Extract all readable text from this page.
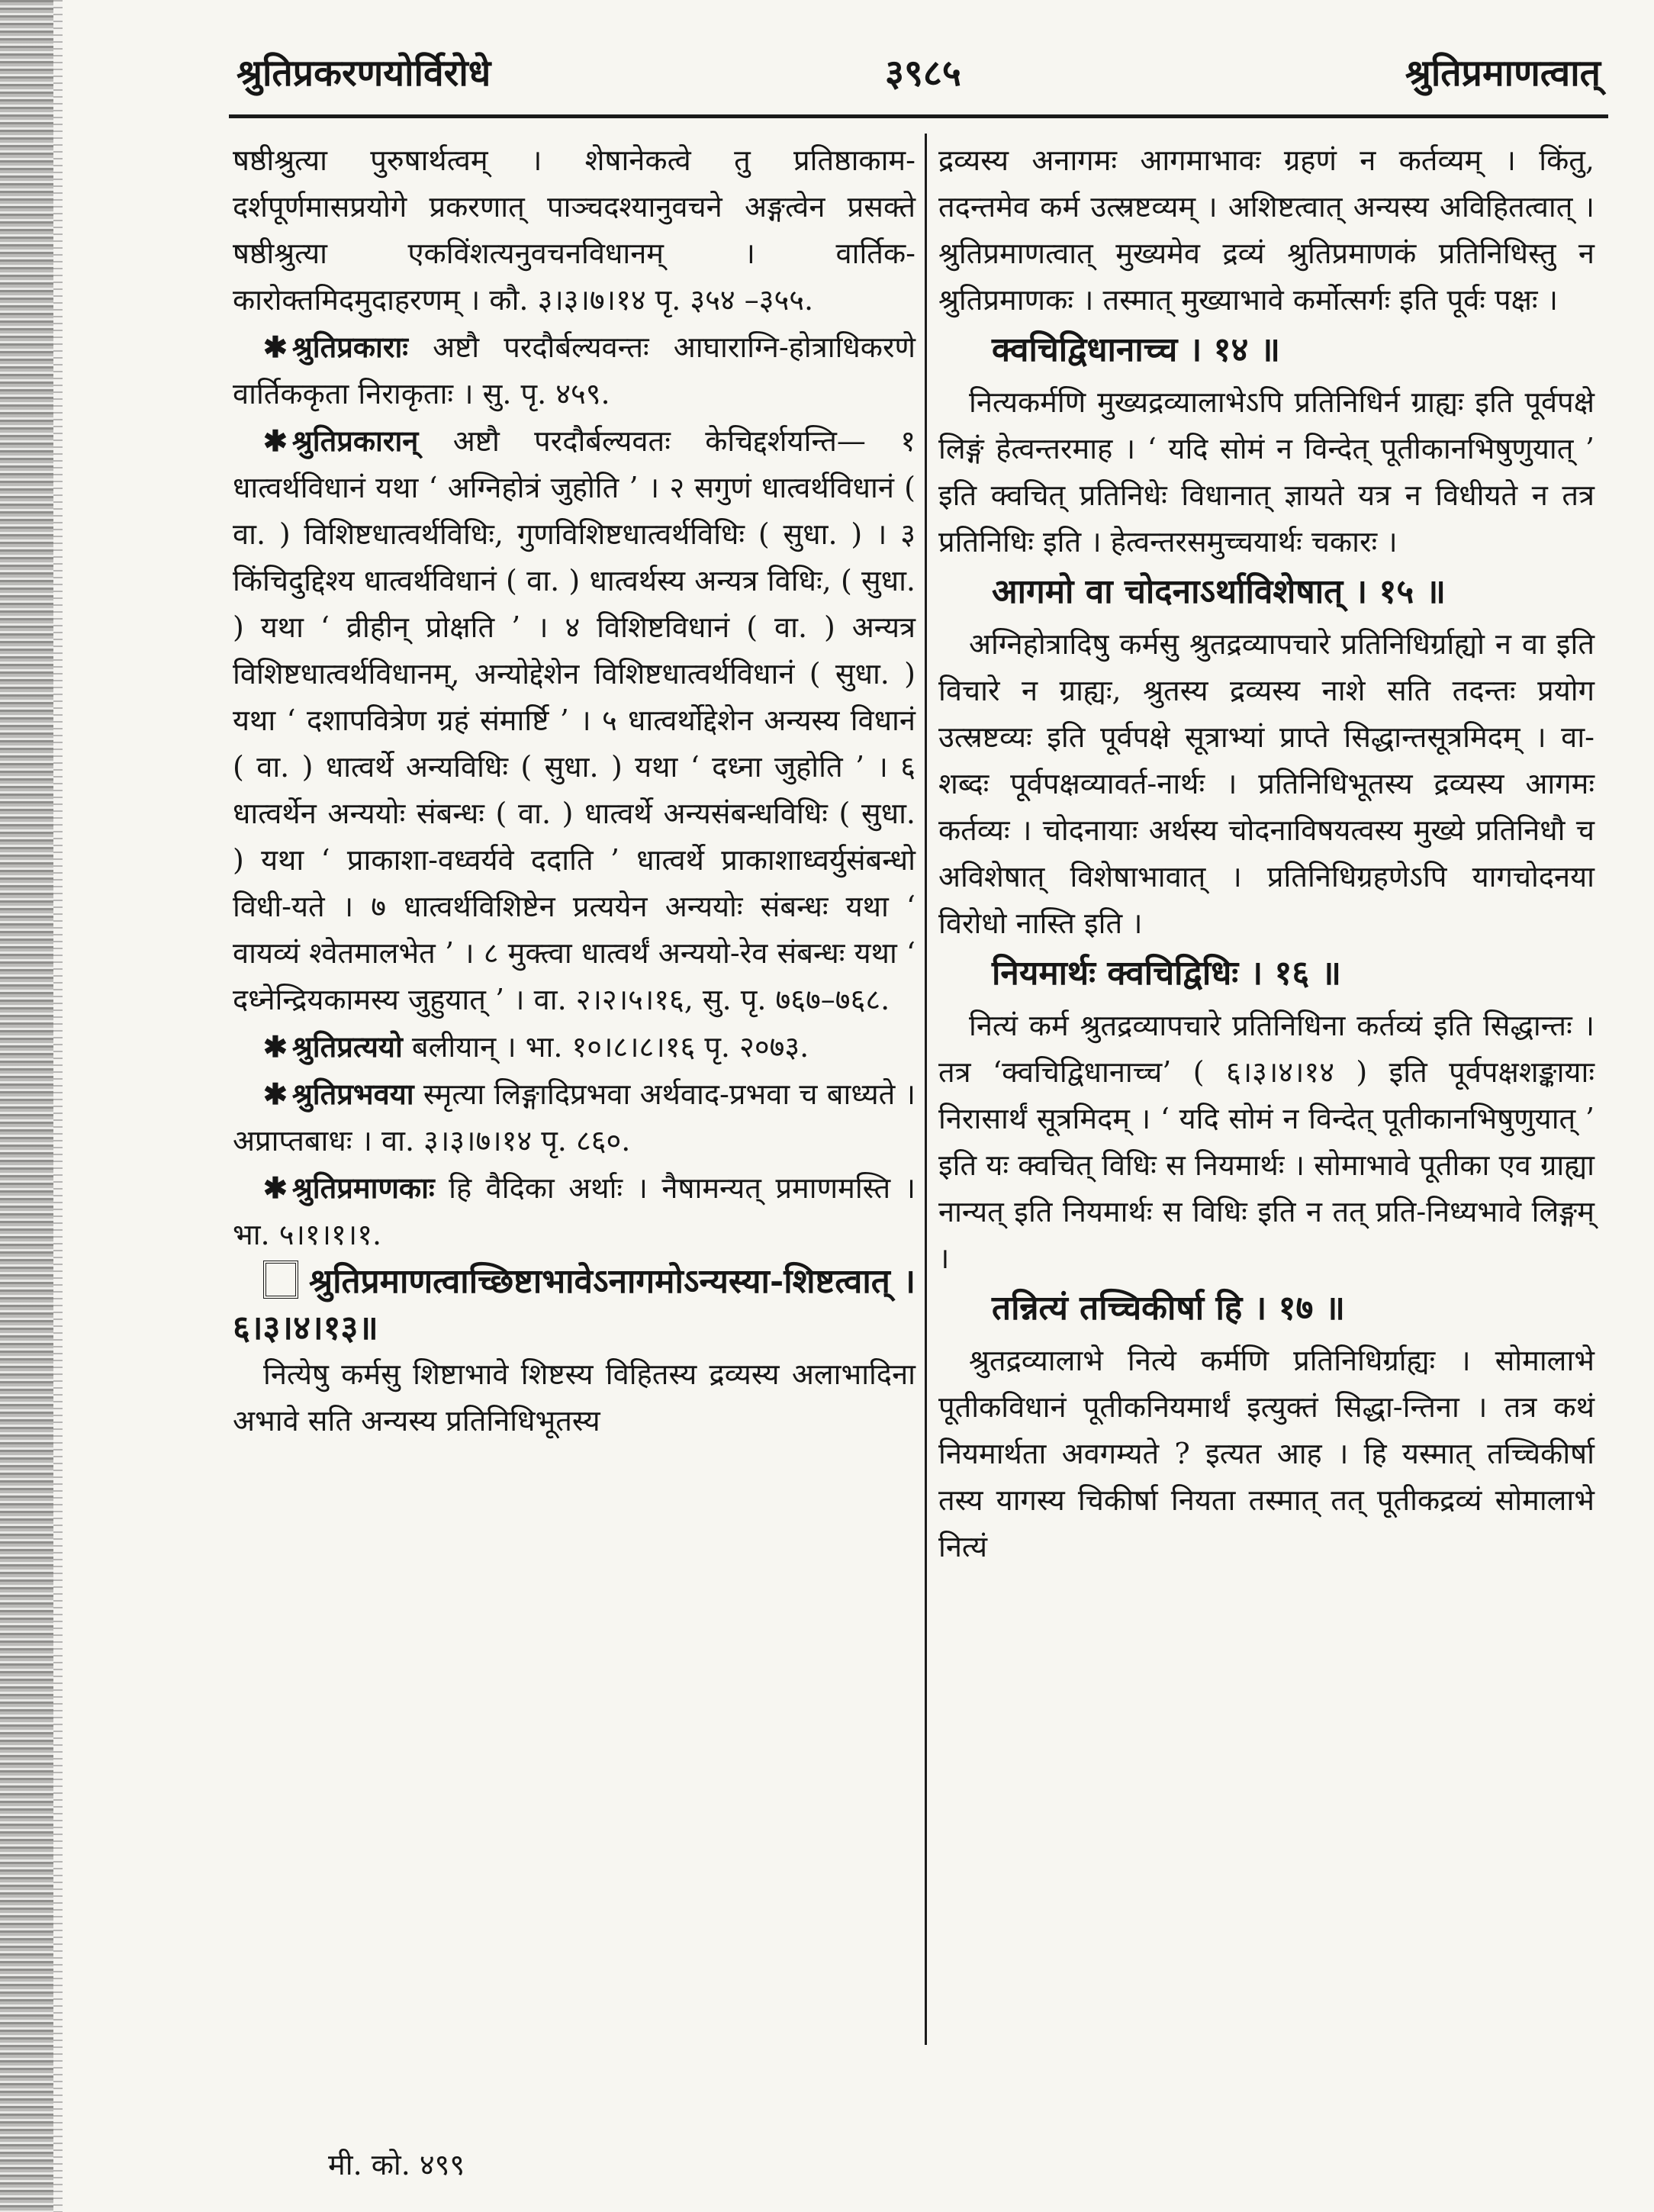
श्रुतिप्रकरणयोर्विरोधे	३९८५	श्रुतिप्रमाणत्वात्

षष्ठीश्रुत्या पुरुषार्थत्वम् । शेषानेकत्वे तु प्रतिष्ठाकाम-दर्शपूर्णमासप्रयोगे प्रकरणात् पाञ्चदश्यानुवचने अङ्गत्वेन प्रसक्ते षष्ठीश्रुत्या एकविंशत्यनुवचनविधानम् । वार्तिक-कारोक्तमिदमुदाहरणम् । कौ. ३।३।७।१४ पृ. ३५४ –३५५.

✱ श्रुतिप्रकाराः अष्टौ परदौर्बल्यवन्तः आघाराग्नि-होत्राधिकरणे वार्तिककृता निराकृताः । सु. पृ. ४५९.

✱ श्रुतिप्रकारान् अष्टौ परदौर्बल्यवतः केचिद्दर्शयन्ति— १ धात्वर्थविधानं यथा ‘ अग्निहोत्रं जुहोति ’ । २ सगुणं धात्वर्थविधानं ( वा. ) विशिष्टधात्वर्थविधिः, गुणविशिष्टधात्वर्थविधिः ( सुधा. ) । ३ किंचिदुद्दिश्य धात्वर्थविधानं ( वा. ) धात्वर्थस्य अन्यत्र विधिः, ( सुधा. ) यथा ‘ व्रीहीन् प्रोक्षति ’ । ४ विशिष्टविधानं ( वा. ) अन्यत्र विशिष्टधात्वर्थविधानम्, अन्योद्देशेन विशिष्टधात्वर्थविधानं ( सुधा. ) यथा ‘ दशापवित्रेण ग्रहं संमार्ष्टि ’ । ५ धात्वर्थोद्देशेन अन्यस्य विधानं ( वा. ) धात्वर्थे अन्यविधिः ( सुधा. ) यथा ‘ दध्ना जुहोति ’ । ६ धात्वर्थेन अन्ययोः संबन्धः ( वा. ) धात्वर्थे अन्यसंबन्धविधिः ( सुधा. ) यथा ‘ प्राकाशा-वध्वर्यवे ददाति ’ धात्वर्थे प्राकाशाध्वर्युसंबन्धो विधी-यते । ७ धात्वर्थविशिष्टेन प्रत्ययेन अन्ययोः संबन्धः यथा ‘ वायव्यं श्वेतमालभेत ’ । ८ मुक्त्वा धात्वर्थं अन्ययो-रेव संबन्धः यथा ‘ दध्नेन्द्रियकामस्य जुहुयात् ’ । वा. २।२।५।१६, सु. पृ. ७६७–७६८.

✱ श्रुतिप्रत्ययो बलीयान् । भा. १०।८।८।१६ पृ. २०७३.

✱ श्रुतिप्रभवया स्मृत्या लिङ्गादिप्रभवा अर्थवाद-प्रभवा च बाध्यते । अप्राप्तबाधः । वा. ३।३।७।१४ पृ. ८६०.

✱ श्रुतिप्रमाणकाः हि वैदिका अर्थाः । नैषामन्यत् प्रमाणमस्ति । भा. ५।१।१।१.

श्रुतिप्रमाणत्वाच्छिष्टाभावेऽनागमोऽन्यस्या-शिष्टत्वात् । ६।३।४।१३॥

नित्येषु कर्मसु शिष्टाभावे शिष्टस्य विहितस्य द्रव्यस्य अलाभादिना अभावे सति अन्यस्य प्रतिनिधिभूतस्य

द्रव्यस्य अनागमः आगमाभावः ग्रहणं न कर्तव्यम् । किंतु, तदन्तमेव कर्म उत्स्रष्टव्यम् । अशिष्टत्वात् अन्यस्य अविहितत्वात् । श्रुतिप्रमाणत्वात् मुख्यमेव द्रव्यं श्रुतिप्रमाणकं प्रतिनिधिस्तु न श्रुतिप्रमाणकः । तस्मात् मुख्याभावे कर्मोत्सर्गः इति पूर्वः पक्षः ।

क्वचिद्विधानाच्च । १४ ॥

नित्यकर्मणि मुख्यद्रव्यालाभेऽपि प्रतिनिधिर्न ग्राह्यः इति पूर्वपक्षे लिङ्गं हेत्वन्तरमाह । ‘ यदि सोमं न विन्देत् पूतीकानभिषुणुयात् ’ इति क्वचित् प्रतिनिधेः विधानात् ज्ञायते यत्र न विधीयते न तत्र प्रतिनिधिः इति । हेत्वन्तरसमुच्चयार्थः चकारः ।

आगमो वा चोदनाऽर्थाविशेषात् । १५ ॥

अग्निहोत्रादिषु कर्मसु श्रुतद्रव्यापचारे प्रतिनिधिर्ग्राह्यो न वा इति विचारे न ग्राह्यः, श्रुतस्य द्रव्यस्य नाशे सति तदन्तः प्रयोग उत्स्रष्टव्यः इति पूर्वपक्षे सूत्राभ्यां प्राप्ते सिद्धान्तसूत्रमिदम् । वा-शब्दः पूर्वपक्षव्यावर्त-नार्थः । प्रतिनिधिभूतस्य द्रव्यस्य आगमः कर्तव्यः । चोदनायाः अर्थस्य चोदनाविषयत्वस्य मुख्ये प्रतिनिधौ च अविशेषात् विशेषाभावात् । प्रतिनिधिग्रहणेऽपि यागचोदनया विरोधो नास्ति इति ।

नियमार्थः क्वचिद्विधिः । १६ ॥

नित्यं कर्म श्रुतद्रव्यापचारे प्रतिनिधिना कर्तव्यं इति सिद्धान्तः । तत्र ‘क्वचिद्विधानाच्च’ ( ६।३।४।१४ ) इति पूर्वपक्षशङ्कायाः निरासार्थं सूत्रमिदम् । ‘ यदि सोमं न विन्देत् पूतीकानभिषुणुयात् ’ इति यः क्वचित् विधिः स नियमार्थः । सोमाभावे पूतीका एव ग्राह्या नान्यत् इति नियमार्थः स विधिः इति न तत् प्रति-निध्यभावे लिङ्गम् ।

तन्नित्यं तच्चिकीर्षा हि । १७ ॥

श्रुतद्रव्यालाभे नित्ये कर्मणि प्रतिनिधिर्ग्राह्यः । सोमालाभे पूतीकविधानं पूतीकनियमार्थं इत्युक्तं सिद्धा-न्तिना । तत्र कथं नियमार्थता अवगम्यते ? इत्यत आह । हि यस्मात् तच्चिकीर्षा तस्य यागस्य चिकीर्षा नियता तस्मात् तत् पूतीकद्रव्यं सोमालाभे नित्यं

मी. को. ४९९
